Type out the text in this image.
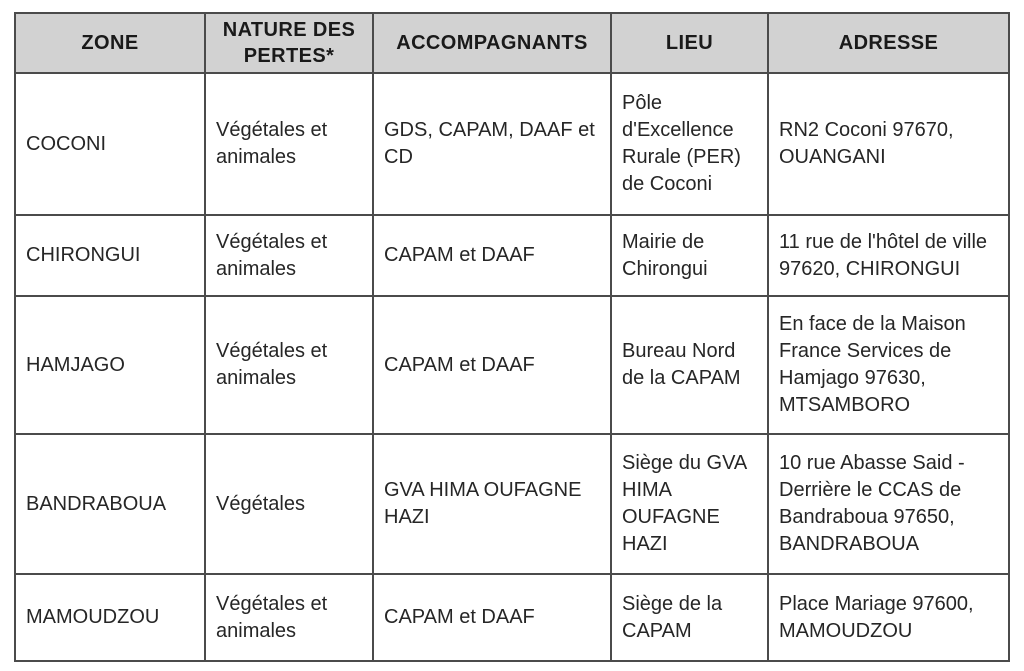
ZONE	NATURE DES PERTES*	ACCOMPAGNANTS	LIEU	ADRESSE
COCONI	Végétales et animales	GDS, CAPAM, DAAF et CD	Pôle d'Excellence Rurale (PER) de Coconi	RN2 Coconi 97670, OUANGANI
CHIRONGUI	Végétales et animales	CAPAM et DAAF	Mairie de Chirongui	11 rue de l'hôtel de ville 97620, CHIRONGUI
HAMJAGO	Végétales et animales	CAPAM et DAAF	Bureau Nord de la CAPAM	En face de la Maison France Services de Hamjago 97630, MTSAMBORO
BANDRABOUA	Végétales	GVA HIMA OUFAGNE HAZI	Siège du GVA HIMA OUFAGNE HAZI	10 rue Abasse Said - Derrière le CCAS de Bandraboua 97650, BANDRABOUA
MAMOUDZOU	Végétales et animales	CAPAM et DAAF	Siège de la CAPAM	Place Mariage 97600, MAMOUDZOU
